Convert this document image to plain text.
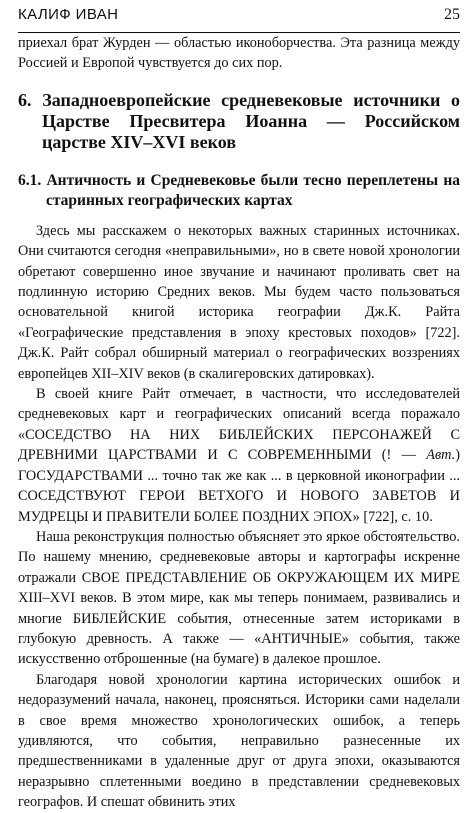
КАЛИФ ИВАН	25

приехал брат Журден — областью иконоборчества. Эта разница между Россией и Европой чувствуется до сих пор.

6. Западноевропейские средневековые источники о Царстве Пресвитера Иоанна — Российском царстве XIV–XVI веков
6.1. Античность и Средневековье были тесно переплетены на старинных географических картах

Здесь мы расскажем о некоторых важных старинных источниках. Они считаются сегодня «неправильными», но в свете новой хронологии обретают совершенно иное звучание и начинают проливать свет на подлинную историю Средних веков. Мы будем часто пользоваться основательной книгой историка географии Дж.К. Райта «Географические представления в эпоху крестовых походов» [722]. Дж.К. Райт собрал обширный материал о географических воззрениях европейцев XII–XIV веков (в скалигеровских датировках).

В своей книге Райт отмечает, в частности, что исследователей средневековых карт и географических описаний всегда поражало «СОСЕДСТВО НА НИХ БИБЛЕЙСКИХ ПЕРСОНАЖЕЙ С ДРЕВНИМИ ЦАРСТВАМИ И С СОВРЕМЕННЫМИ (! — Авт.) ГОСУДАРСТВАМИ ... точно так же как ... в церковной иконографии ... СОСЕДСТВУЮТ ГЕРОИ ВЕТХОГО И НОВОГО ЗАВЕТОВ И МУДРЕЦЫ И ПРАВИТЕЛИ БОЛЕЕ ПОЗДНИХ ЭПОХ» [722], с. 10.

Наша реконструкция полностью объясняет это яркое обстоятельство. По нашему мнению, средневековые авторы и картографы искренне отражали СВОЕ ПРЕДСТАВЛЕНИЕ ОБ ОКРУЖАЮЩЕМ ИХ МИРЕ XIII–XVI веков. В этом мире, как мы теперь понимаем, развивались и многие БИБЛЕЙСКИЕ события, отнесенные затем историками в глубокую древность. А также — «АНТИЧНЫЕ» события, также искусственно отброшенные (на бумаге) в далекое прошлое.

Благодаря новой хронологии картина исторических ошибок и недоразумений начала, наконец, проясняться. Историки сами наделали в свое время множество хронологических ошибок, а теперь удивляются, что события, неправильно разнесенные их предшественниками в удаленные друг от друга эпохи, оказываются неразрывно сплетенными воедино в представлении средневековых географов. И спешат обвинить этих
